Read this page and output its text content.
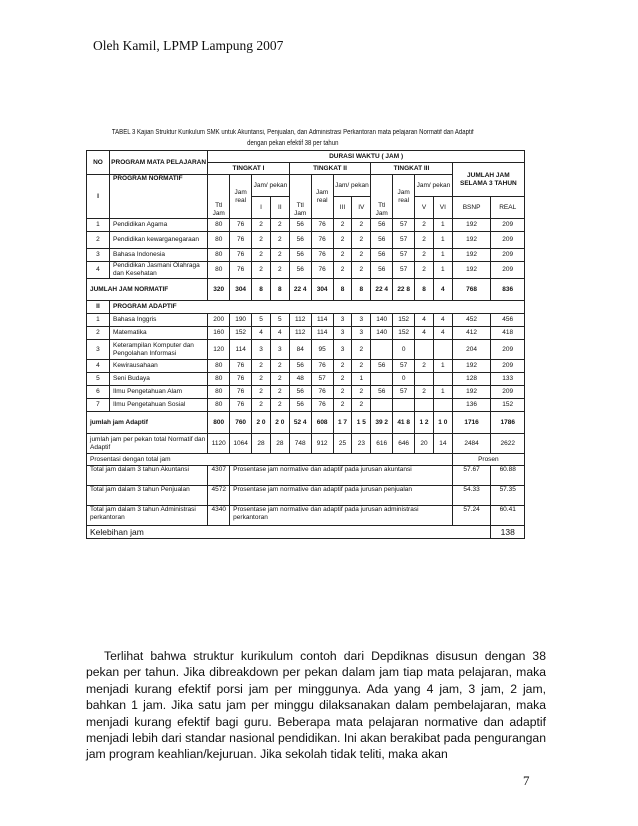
Oleh Kamil, LPMP Lampung 2007
TABEL 3 Kajian Struktur Kurikulum SMK untuk Akuntansi, Penjualan, dan Administrasi Perkantoran mata pelajaran Normatif dan Adaptif
dengan pekan efektif 38 per tahun
NO	PROGRAM MATA PELAJARAN	DURASI WAKTU ( JAM )													
		TINGKAT I				TINGKAT II				TINGKAT III				JUMLAH JAM SELAMA 3 TAHUN	
I	PROGRAM NORMATIF	Ttl Jam	Jam real	Jam/ pekan		Ttl Jam	Jam real	Jam/ pekan		Ttl Jam	Jam real	Jam/ pekan			
				I	II			III	IV			V	VI	BSNP	REAL
1	Pendidikan Agama	80	76	2	2	56	76	2	2	56	57	2	1	192	209
2	Pendidikan kewarganegaraan	80	76	2	2	56	76	2	2	56	57	2	1	192	209
3	Bahasa Indonesia	80	76	2	2	56	76	2	2	56	57	2	1	192	209
4	Pendidikan Jasmani Olahraga dan Kesehatan	80	76	2	2	56	76	2	2	56	57	2	1	192	209
JUMLAH JAM NORMATIF		320	304	8	8	22 4	304	8	8	22 4	22 8	8	4	768	836
II	PROGRAM ADAPTIF														
1	Bahasa Inggris	200	190	5	5	112	114	3	3	140	152	4	4	452	456
2	Matematika	160	152	4	4	112	114	3	3	140	152	4	4	412	418
3	Keterampilan Komputer dan Pengolahan Informasi	120	114	3	3	84	95	3	2		0			204	209
4	Kewirausahaan	80	76	2	2	56	76	2	2	56	57	2	1	192	209
5	Seni Budaya	80	76	2	2	48	57	2	1		0			128	133
6	Ilmu Pengetahuan Alam	80	76	2	2	56	76	2	2	56	57	2	1	192	209
7	Ilmu Pengetahuan Sosial	80	76	2	2	56	76	2	2					136	152
jumlah jam Adaptif		800	760	2 0	2 0	52 4	608	1 7	1 5	39 2	41 8	1 2	1 0	1716	1786
jumlah jam per pekan total Normatif dan Adaptif		1120	1064	28	28	748	912	25	23	616	646	20	14	2484	2622
Prosentasi dengan total jam														Prosen	
Total jam dalam 3 tahun Akuntansi		4307	Prosentase jam normative dan adaptif pada jurusan akuntansi											57.67	60.88
Total jam dalam 3 tahun Penjualan		4572	Prosentase jam normative dan adaptif pada jurusan penjualan											54.33	57.35
Total jam dalam 3 tahun Administrasi perkantoran		4340	Prosentase jam normative dan adaptif pada jurusan administrasi perkantoran											57.24	60.41
Kelebihan jam															138

Terlihat bahwa struktur kurikulum contoh dari Depdiknas disusun dengan 38 pekan per tahun. Jika dibreakdown per pekan dalam jam tiap mata pelajaran, maka menjadi kurang efektif porsi jam per minggunya. Ada yang 4 jam, 3 jam, 2 jam, bahkan 1 jam. Jika satu jam per minggu dilaksanakan dalam pembelajaran, maka menjadi kurang efektif bagi guru. Beberapa mata pelajaran normative dan adaptif menjadi lebih dari standar nasional pendidikan. Ini akan berakibat pada pengurangan jam program keahlian/kejuruan. Jika sekolah tidak teliti, maka akan

7
